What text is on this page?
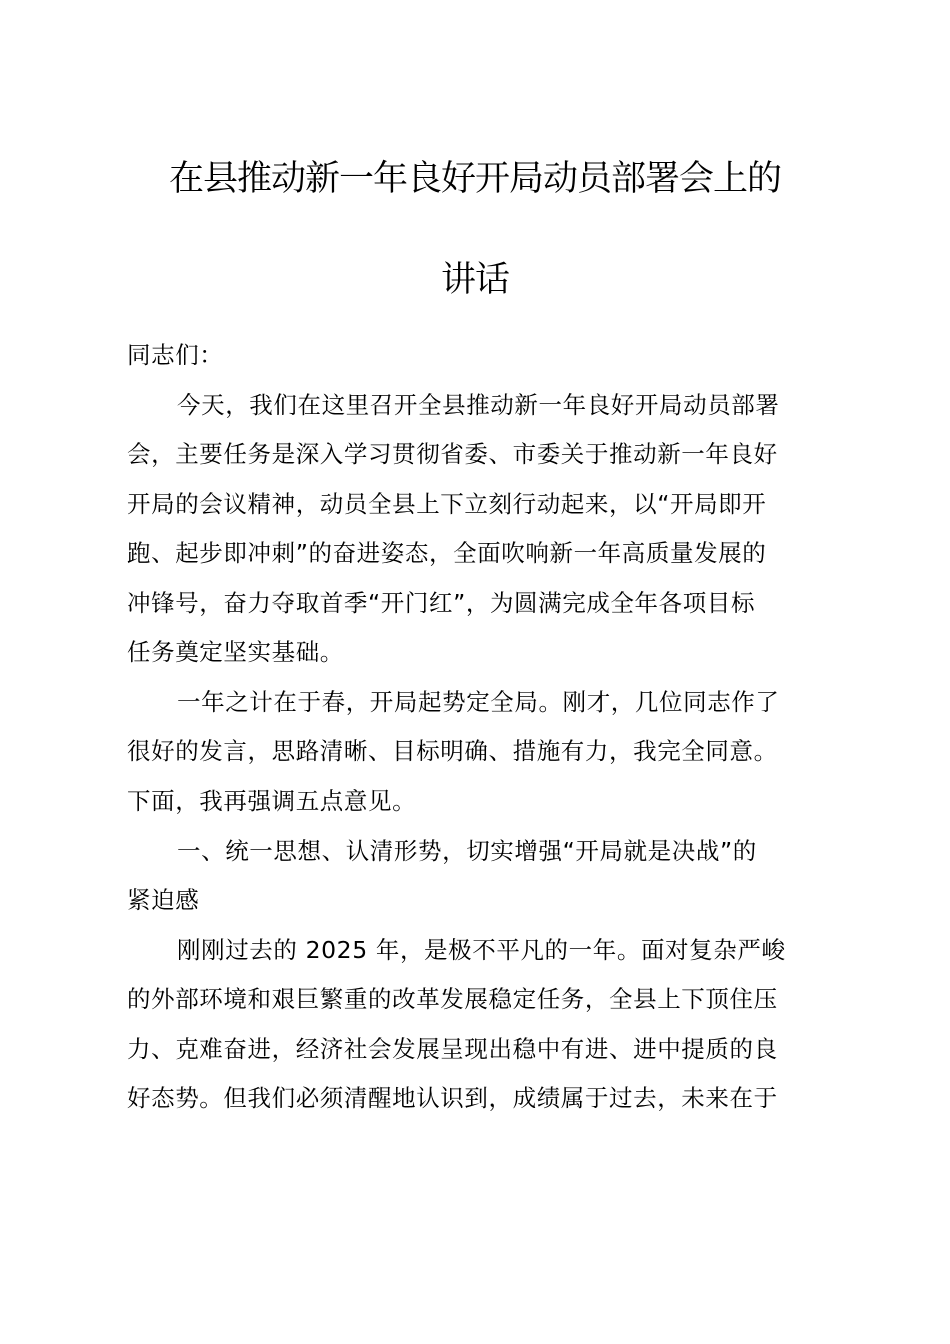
在县推动新一年良好开局动员部署会上的
讲话
同志们：
今天，我们在这里召开全县推动新一年良好开局动员部署
会，主要任务是深入学习贯彻省委、市委关于推动新一年良好
开局的会议精神，动员全县上下立刻行动起来，以“开局即开
跑、起步即冲刺”的奋进姿态，全面吹响新一年高质量发展的
冲锋号，奋力夺取首季“开门红”，为圆满完成全年各项目标
任务奠定坚实基础。
一年之计在于春，开局起势定全局。刚才，几位同志作了
很好的发言，思路清晰、目标明确、措施有力，我完全同意。
下面，我再强调五点意见。
一、统一思想、认清形势，切实增强“开局就是决战”的
紧迫感
刚刚过去的 2025 年，是极不平凡的一年。面对复杂严峻
的外部环境和艰巨繁重的改革发展稳定任务，全县上下顶住压
力、克难奋进，经济社会发展呈现出稳中有进、进中提质的良
好态势。但我们必须清醒地认识到，成绩属于过去，未来在于
